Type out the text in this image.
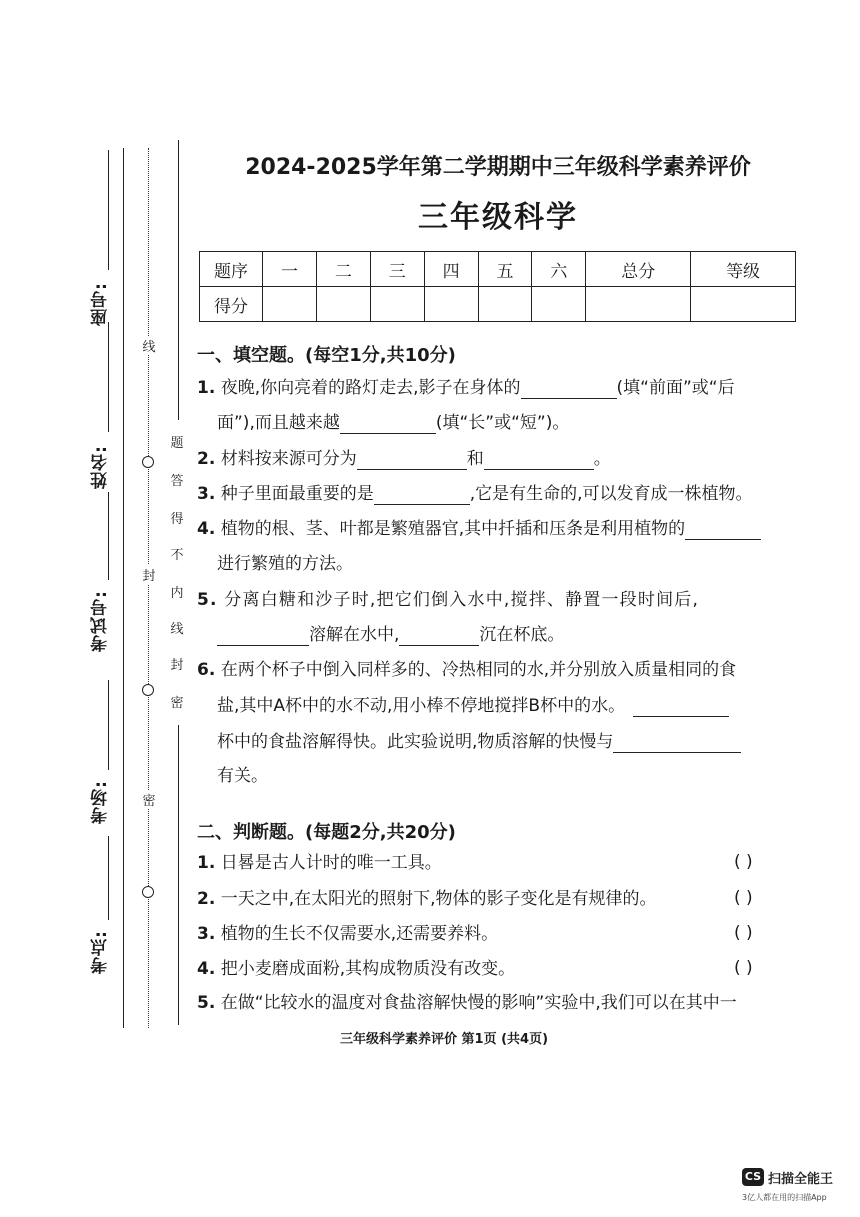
座号:
姓名:
考试号:
考场:
考点:
线
封
密
题
答
得
不
内
线
封
密
2024-2025学年第二学期期中三年级科学素养评价
三年级科学
题序	一	二	三	四	五	六	总分	等级
得分								
一、填空题。(每空1分,共10分)
1. 夜晚,你向亮着的路灯走去,影子在身体的	(填“前面”或“后
面”),而且越来越	(填“长”或“短”)。
2. 材料按来源可分为	和	。
3. 种子里面最重要的是	,它是有生命的,可以发育成一株植物。
4. 植物的根、茎、叶都是繁殖器官,其中扦插和压条是利用植物的
进行繁殖的方法。
5. 分离白糖和沙子时,把它们倒入水中,搅拌、静置一段时间后,
溶解在水中,	沉在杯底。
6. 在两个杯子中倒入同样多的、冷热相同的水,并分别放入质量相同的食
盐,其中A杯中的水不动,用小棒不停地搅拌B杯中的水。
杯中的食盐溶解得快。此实验说明,物质溶解的快慢与
有关。
二、判断题。(每题2分,共20分)
1. 日晷是古人计时的唯一工具。	( )
2. 一天之中,在太阳光的照射下,物体的影子变化是有规律的。	( )
3. 植物的生长不仅需要水,还需要养料。	( )
4. 把小麦磨成面粉,其构成物质没有改变。	( )
5. 在做“比较水的温度对食盐溶解快慢的影响”实验中,我们可以在其中一
三年级科学素养评价 第1页 (共4页)
CS 扫描全能王
3亿人都在用的扫描App
